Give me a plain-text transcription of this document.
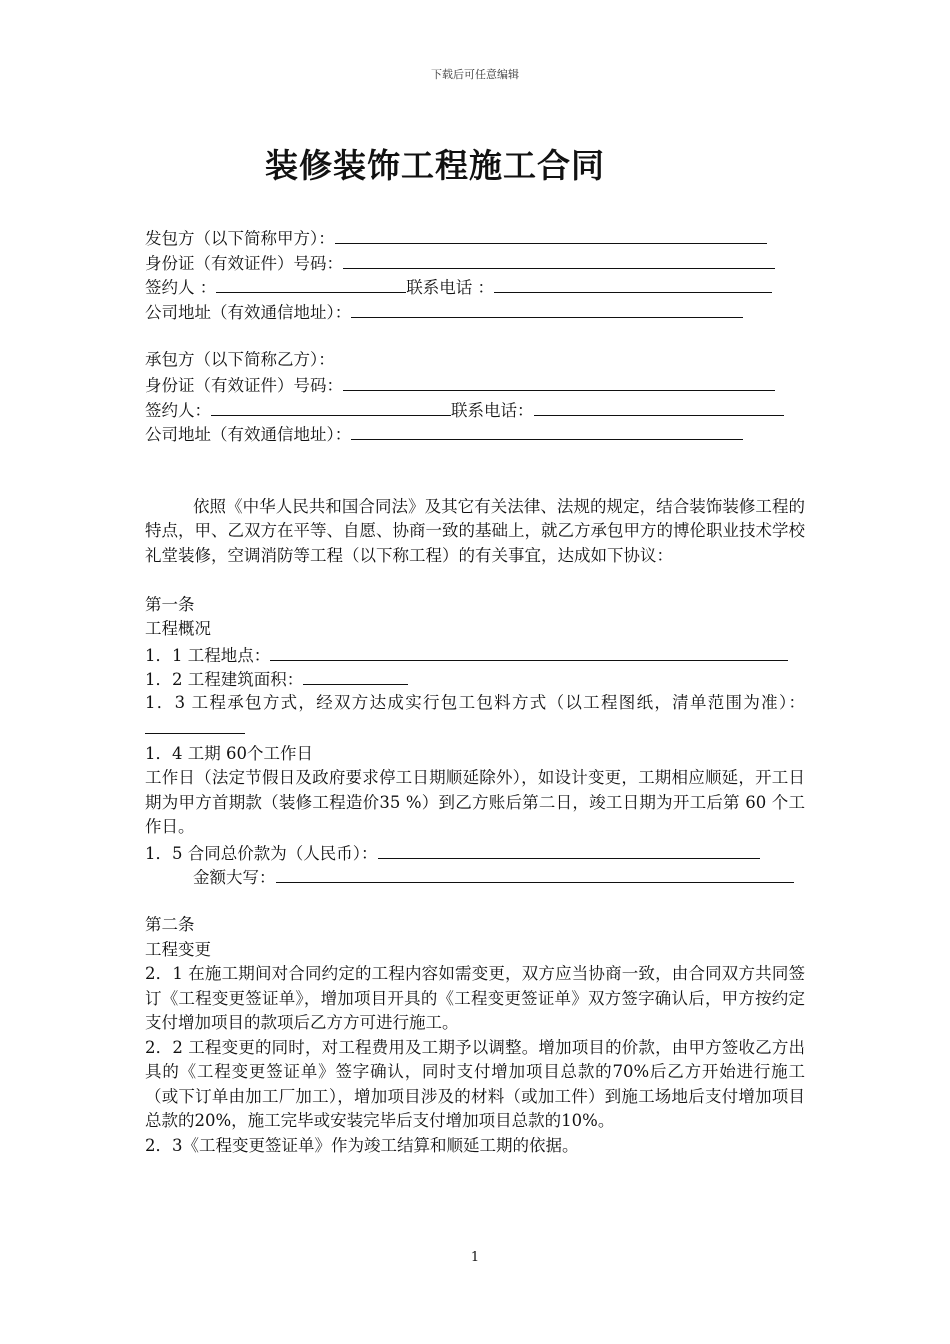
下载后可任意编辑
装修装饰工程施工合同
发包方（以下简称甲方）：
身份证（有效证件）号码：
签约人 ：	联系电话 ：
公司地址（有效通信地址）：
承包方（以下简称乙方）：
身份证（有效证件）号码：
签约人：	联系电话：
公司地址（有效通信地址）：
依照《中华人民共和国合同法》及其它有关法律、法规的规定，结合装饰装修工程的特点，甲、乙双方在平等、自愿、协商一致的基础上，就乙方承包甲方的博伦职业技术学校礼堂装修，空调消防等工程（以下称工程）的有关事宜，达成如下协议：
第一条
工程概况
1．1 工程地点：
1．2 工程建筑面积：
1．3 工程承包方式，经双方达成实行包工包料方式（以工程图纸，清单范围为准）：
1．4 工期 60个工作日
工作日（法定节假日及政府要求停工日期顺延除外），如设计变更，工期相应顺延，开工日期为甲方首期款（装修工程造价35 %）到乙方账后第二日，竣工日期为开工后第 60 个工作日。
1．5 合同总价款为（人民币）：
金额大写：
第二条
工程变更
2．1 在施工期间对合同约定的工程内容如需变更，双方应当协商一致，由合同双方共同签订《工程变更签证单》，增加项目开具的《工程变更签证单》双方签字确认后，甲方按约定支付增加项目的款项后乙方方可进行施工。
2．2 工程变更的同时，对工程费用及工期予以调整。增加项目的价款，由甲方签收乙方出具的《工程变更签证单》签字确认，同时支付增加项目总款的70%后乙方开始进行施工（或下订单由加工厂加工），增加项目涉及的材料（或加工件）到施工场地后支付增加项目总款的20%，施工完毕或安装完毕后支付增加项目总款的10%。
2．3《工程变更签证单》作为竣工结算和顺延工期的依据。
1
